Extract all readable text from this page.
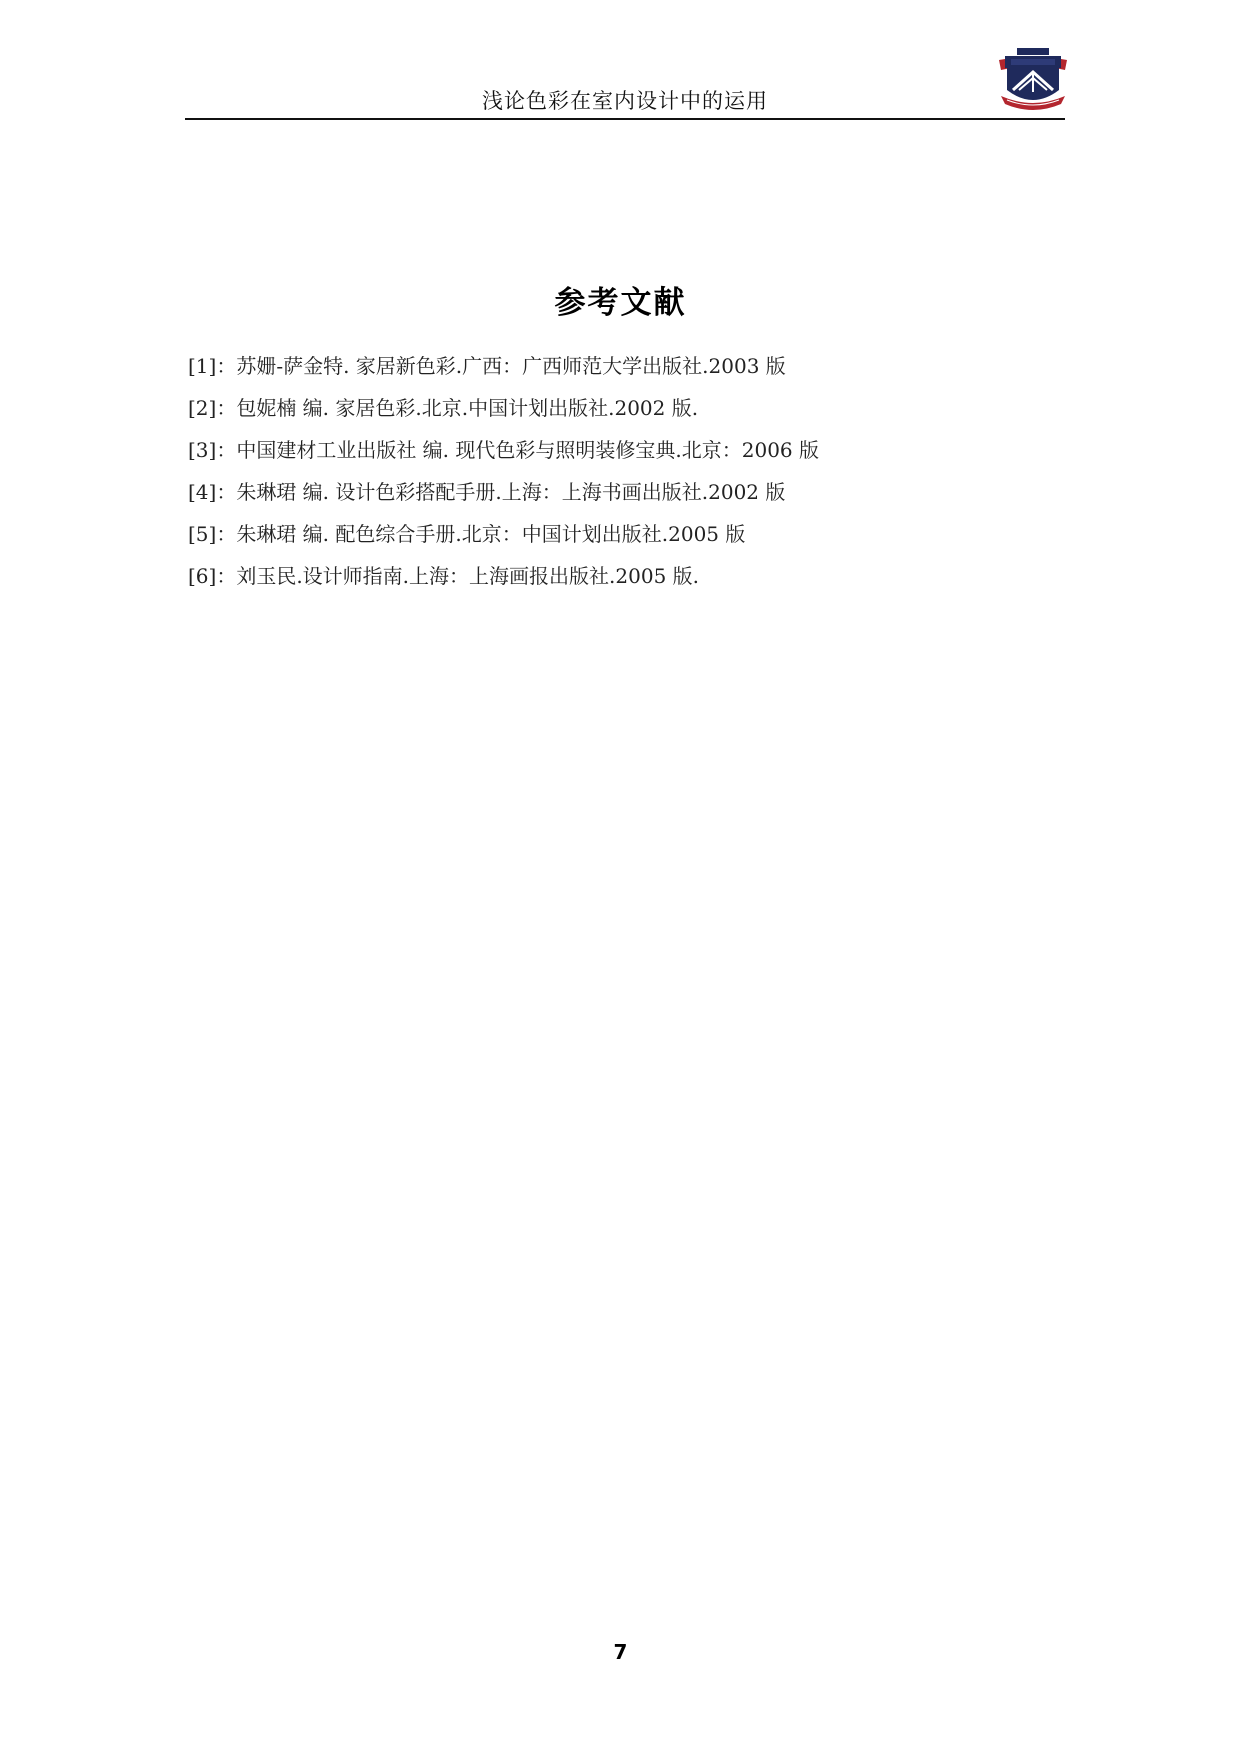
浅论色彩在室内设计中的运用
参考文献
[1]：苏姗-萨金特. 家居新色彩.广西：广西师范大学出版社.2003 版
[2]：包妮楠 编. 家居色彩.北京.中国计划出版社.2002 版.
[3]：中国建材工业出版社 编. 现代色彩与照明装修宝典.北京：2006 版
[4]：朱琳珺 编. 设计色彩搭配手册.上海：上海书画出版社.2002 版
[5]：朱琳珺 编. 配色综合手册.北京：中国计划出版社.2005 版
[6]：刘玉民.设计师指南.上海：上海画报出版社.2005 版.
7
